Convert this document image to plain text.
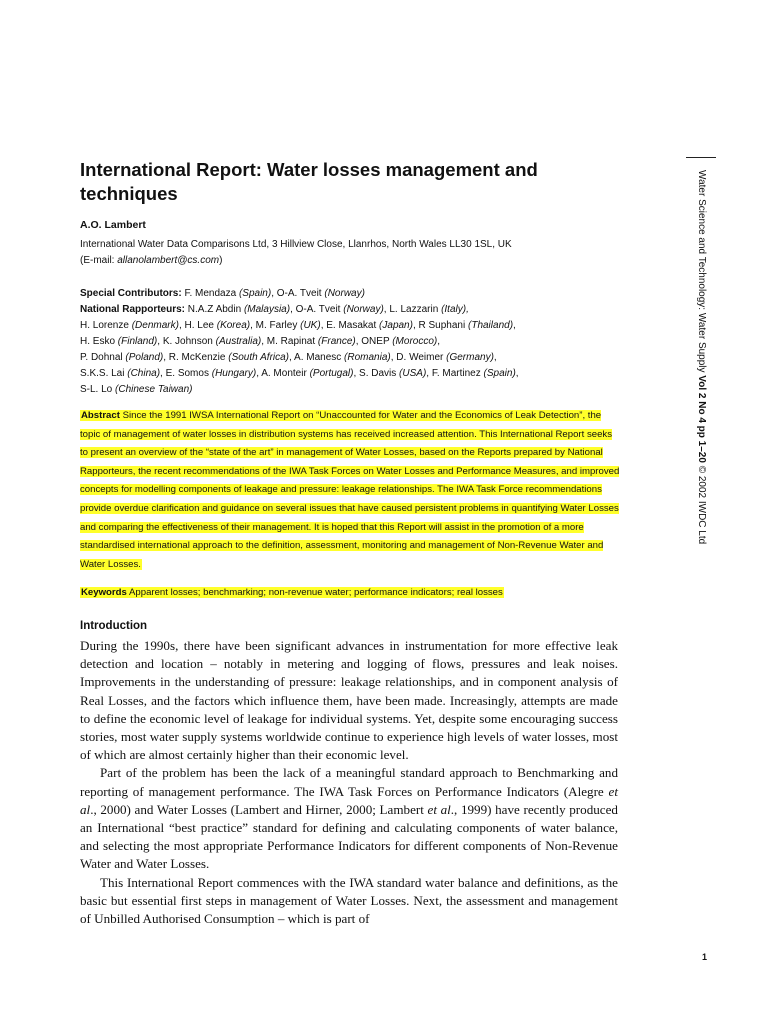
International Report: Water losses management and techniques
A.O. Lambert
International Water Data Comparisons Ltd, 3 Hillview Close, Llanrhos, North Wales LL30 1SL, UK
(E-mail: allanolambert@cs.com)
Special Contributors: F. Mendaza (Spain), O-A. Tveit (Norway)
National Rapporteurs: N.A.Z Abdin (Malaysia), O-A. Tveit (Norway), L. Lazzarin (Italy),
H. Lorenze (Denmark), H. Lee (Korea), M. Farley (UK), E. Masakat (Japan), R Suphani (Thailand),
H. Esko (Finland), K. Johnson (Australia), M. Rapinat (France), ONEP (Morocco),
P. Dohnal (Poland), R. McKenzie (South Africa), A. Manesc (Romania), D. Weimer (Germany),
S.K.S. Lai (China), E. Somos (Hungary), A. Monteir (Portugal), S. Davis (USA), F. Martinez (Spain),
S-L. Lo (Chinese Taiwan)
Abstract Since the 1991 IWSA International Report on “Unaccounted for Water and the Economics of Leak Detection”, the topic of management of water losses in distribution systems has received increased attention. This International Report seeks to present an overview of the “state of the art” in management of Water Losses, based on the Reports prepared by National Rapporteurs, the recent recommendations of the IWA Task Forces on Water Losses and Performance Measures, and improved concepts for modelling components of leakage and pressure: leakage relationships. The IWA Task Force recommendations provide overdue clarification and guidance on several issues that have caused persistent problems in quantifying Water Losses and comparing the effectiveness of their management. It is hoped that this Report will assist in the promotion of a more standardised international approach to the definition, assessment, monitoring and management of Non-Revenue Water and Water Losses.
Keywords Apparent losses; benchmarking; non-revenue water; performance indicators; real losses
Introduction

During the 1990s, there have been significant advances in instrumentation for more effective leak detection and location – notably in metering and logging of flows, pressures and leak noises. Improvements in the understanding of pressure: leakage relationships, and in component analysis of Real Losses, and the factors which influence them, have been made. Increasingly, attempts are made to define the economic level of leakage for individual systems. Yet, despite some encouraging success stories, most water supply systems worldwide continue to experience high levels of water losses, most of which are almost certainly higher than their economic level.

Part of the problem has been the lack of a meaningful standard approach to Benchmarking and reporting of management performance. The IWA Task Forces on Performance Indicators (Alegre et al., 2000) and Water Losses (Lambert and Hirner, 2000; Lambert et al., 1999) have recently produced an International “best practice” standard for defining and calculating components of water balance, and selecting the most appropriate Performance Indicators for different components of Non-Revenue Water and Water Losses.

This International Report commences with the IWA standard water balance and definitions, as the basic but essential first steps in management of Water Losses. Next, the assessment and management of Unbilled Authorised Consumption – which is part of

Water Science and Technology: Water Supply Vol 2 No 4 pp 1–20 © 2002 IWDC Ltd
1
